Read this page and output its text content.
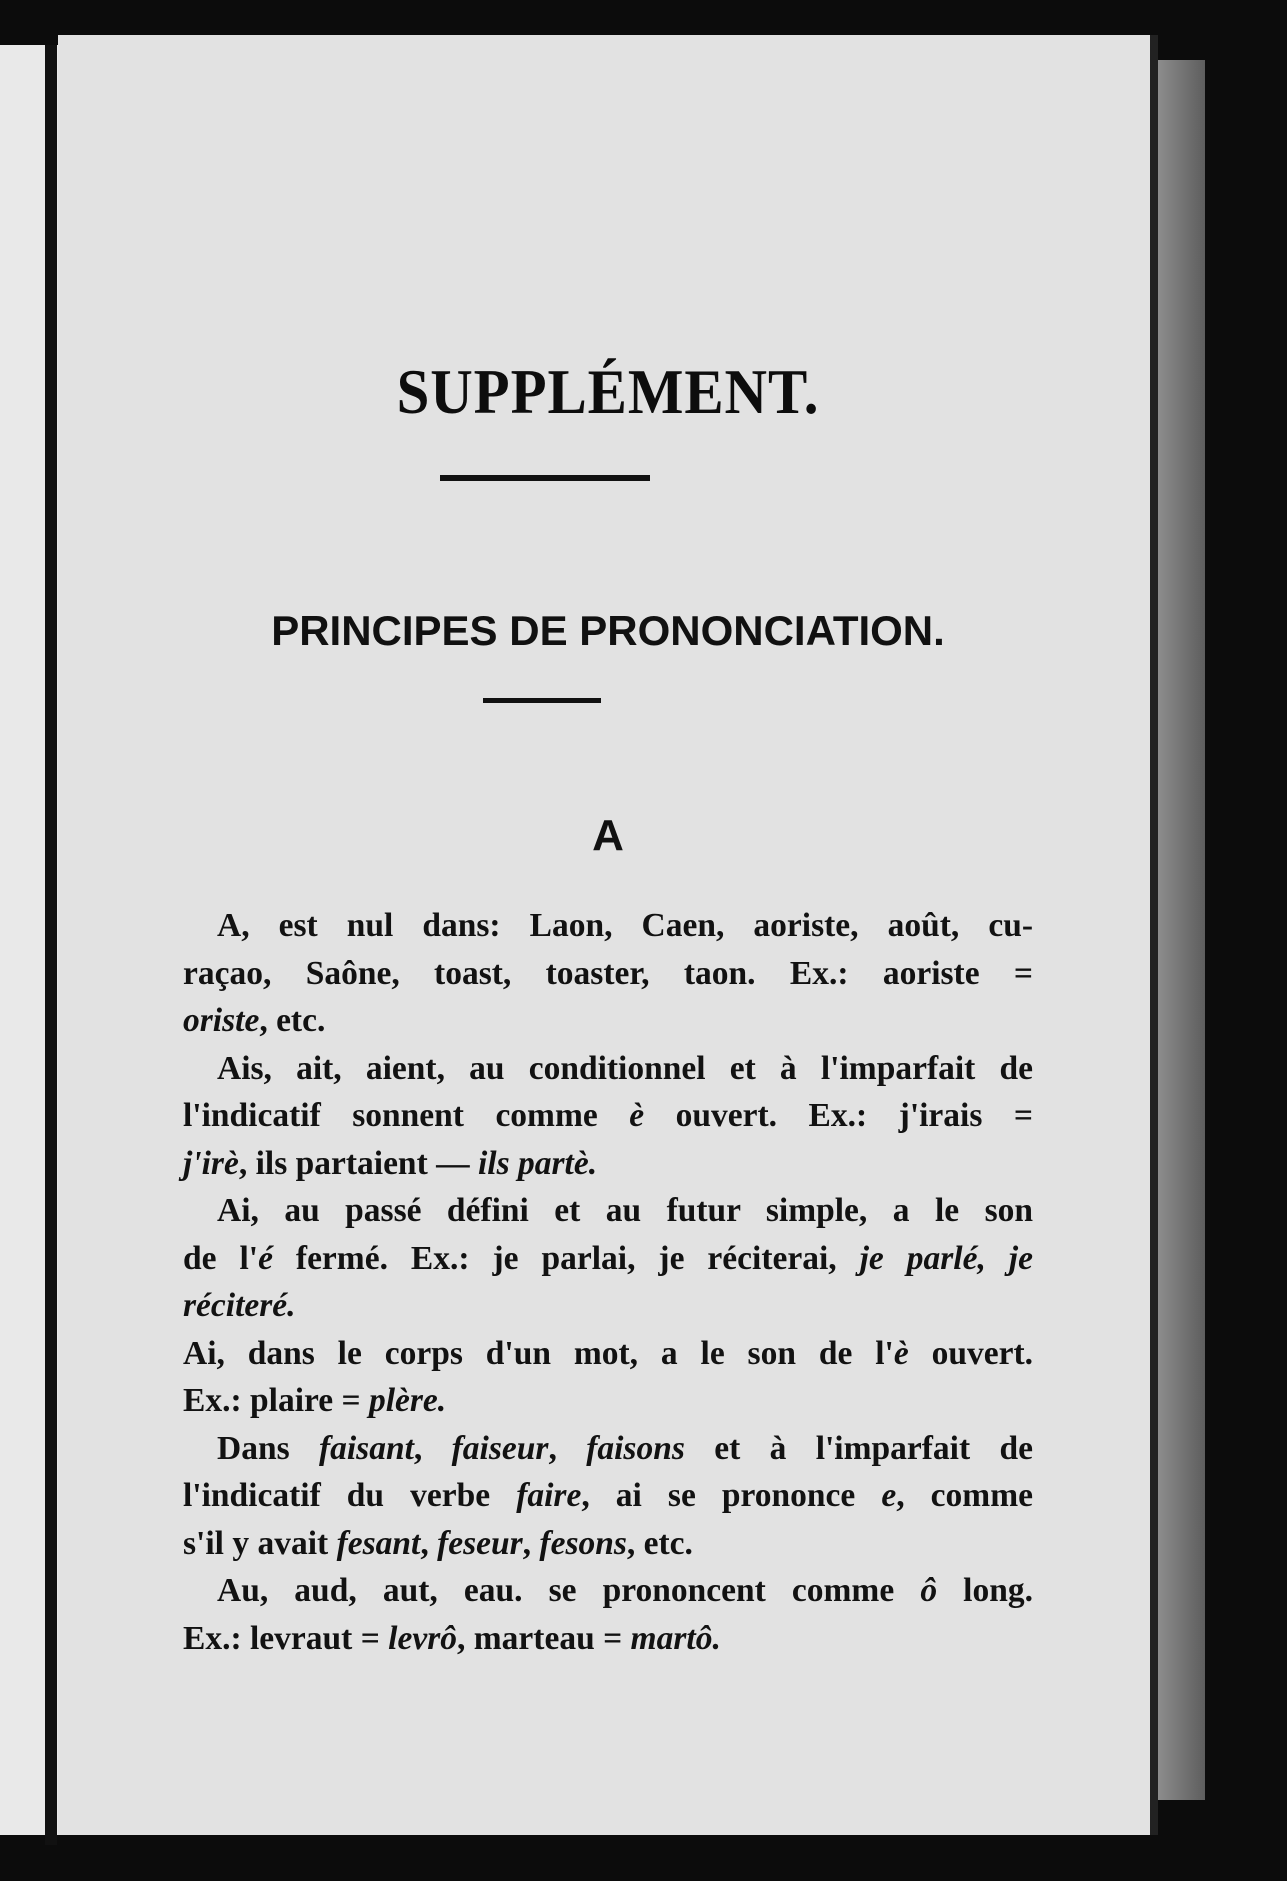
SUPPLÉMENT.
PRINCIPES DE PRONONCIATION.
A
A, est nul dans: Laon, Caen, aoriste, août, cu-
raçao, Saône, toast, toaster, taon. Ex.: aoriste =
oriste, etc.
Ais, ait, aient, au conditionnel et à l'imparfait de
l'indicatif sonnent comme è ouvert. Ex.: j'irais =
j'irè, ils partaient — ils partè.
Ai, au passé défini et au futur simple, a le son
de l'é fermé. Ex.: je parlai, je réciterai, je parlé, je
réciteré.
Ai, dans le corps d'un mot, a le son de l'è ouvert.
Ex.: plaire = plère.
Dans faisant, faiseur, faisons et à l'imparfait de
l'indicatif du verbe faire, ai se prononce e, comme
s'il y avait fesant, feseur, fesons, etc.
Au, aud, aut, eau. se prononcent comme ô long.
Ex.: levraut = levrô, marteau = martô.
